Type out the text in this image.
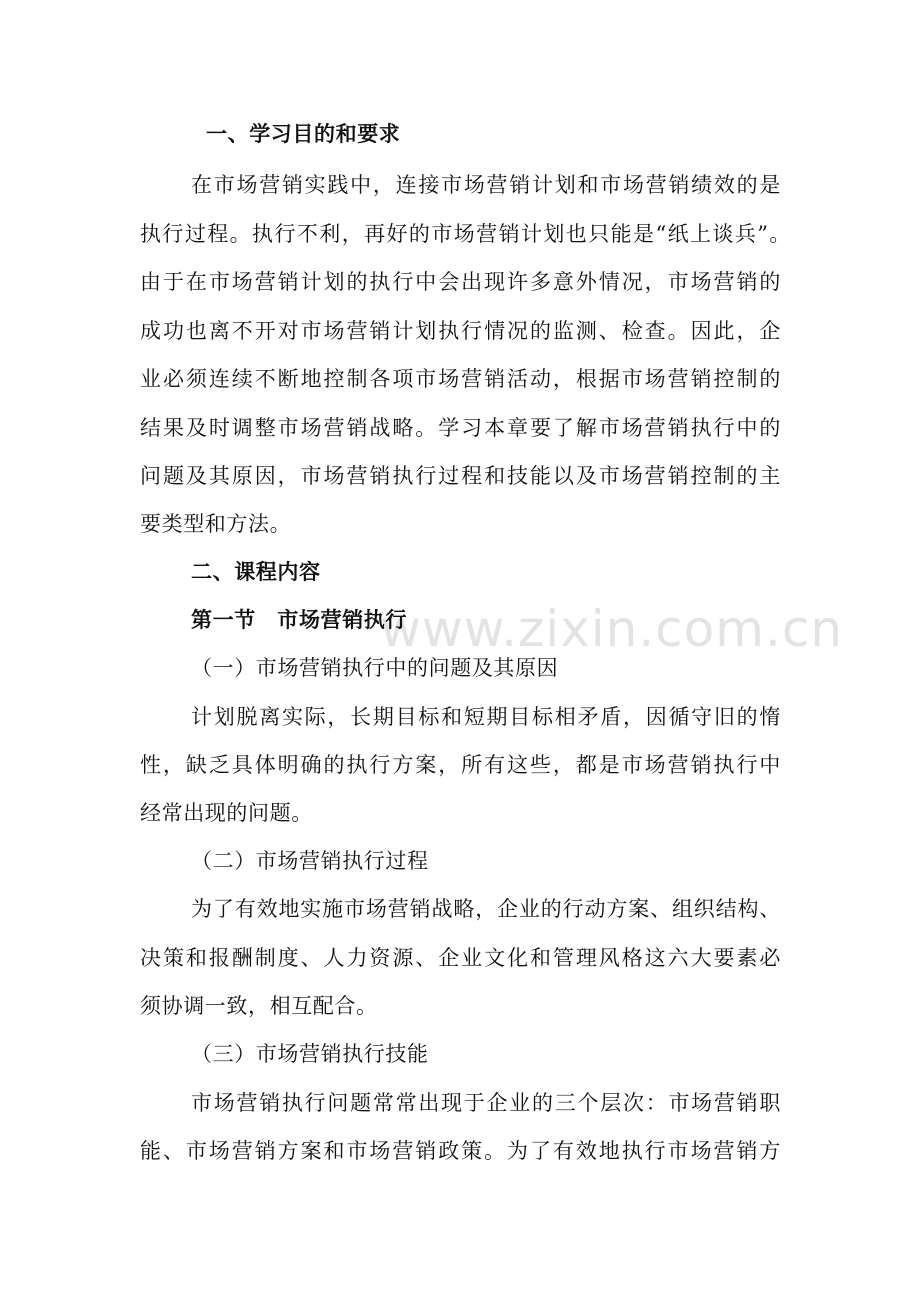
www.zixin.com.cn
一、学习目的和要求
在市场营销实践中，连接市场营销计划和市场营销绩效的是
执行过程。执行不利，再好的市场营销计划也只能是“纸上谈兵”。
由于在市场营销计划的执行中会出现许多意外情况，市场营销的
成功也离不开对市场营销计划执行情况的监测、检查。因此，企
业必须连续不断地控制各项市场营销活动，根据市场营销控制的
结果及时调整市场营销战略。学习本章要了解市场营销执行中的
问题及其原因，市场营销执行过程和技能以及市场营销控制的主
要类型和方法。
二、课程内容
第一节　市场营销执行
（一）市场营销执行中的问题及其原因
计划脱离实际，长期目标和短期目标相矛盾，因循守旧的惰
性，缺乏具体明确的执行方案，所有这些，都是市场营销执行中
经常出现的问题。
（二）市场营销执行过程
为了有效地实施市场营销战略，企业的行动方案、组织结构、
决策和报酬制度、人力资源、企业文化和管理风格这六大要素必
须协调一致，相互配合。
（三）市场营销执行技能
市场营销执行问题常常出现于企业的三个层次：市场营销职
能、市场营销方案和市场营销政策。为了有效地执行市场营销方
